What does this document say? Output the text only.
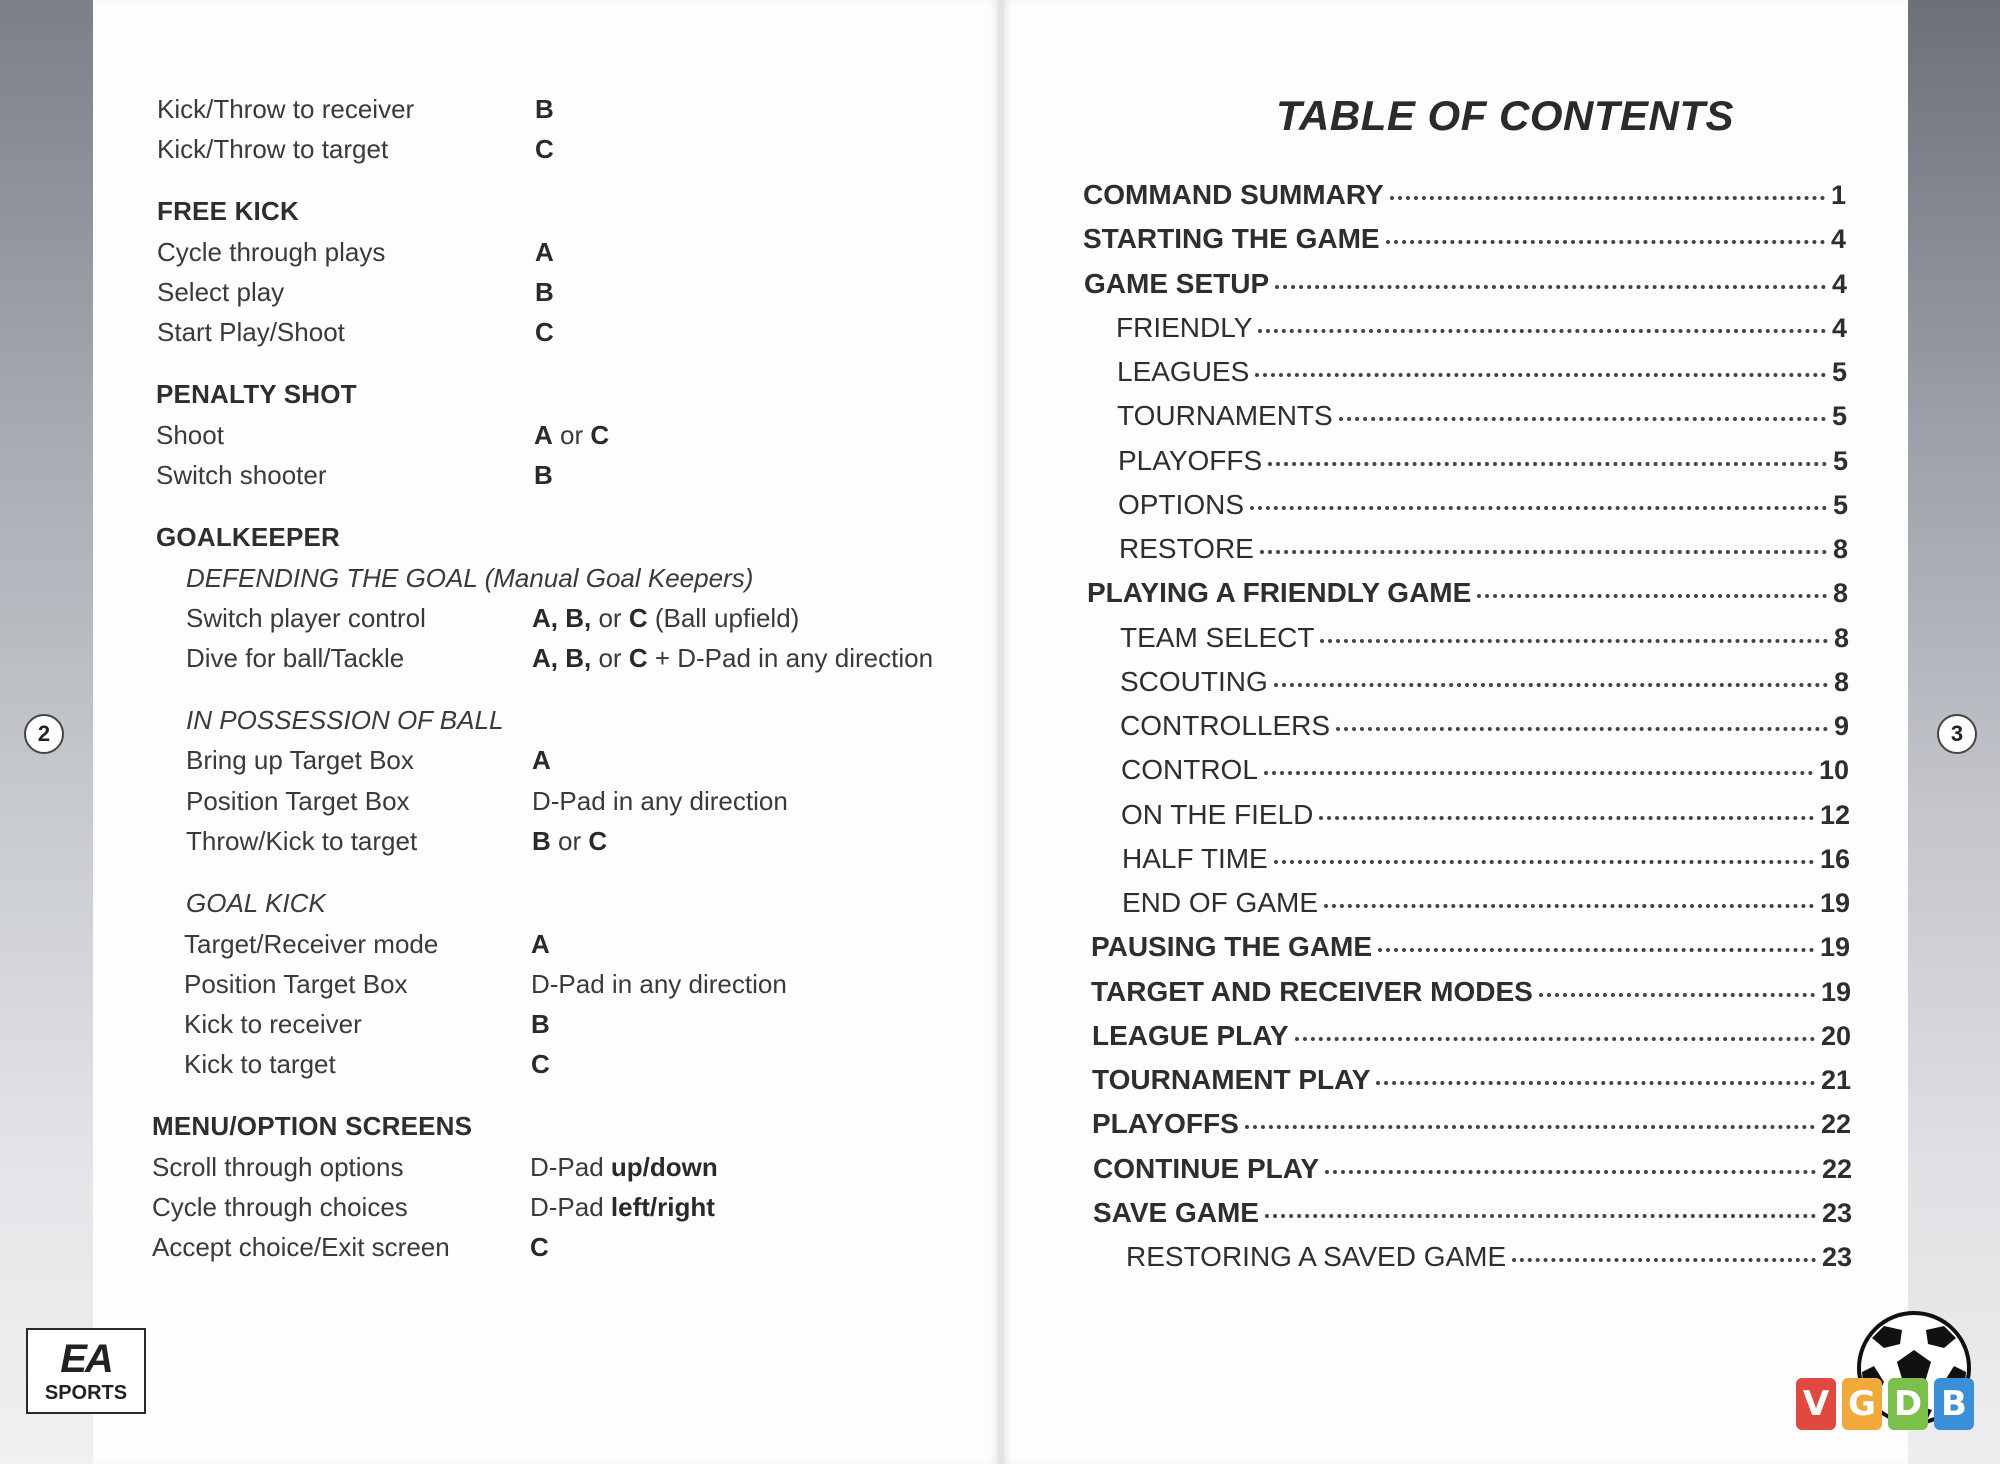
2	3
Kick/Throw to receiver	B
Kick/Throw to target	C
FREE KICK
Cycle through plays	A
Select play	B
Start Play/Shoot	C
PENALTY SHOT
Shoot	A or C
Switch shooter	B
GOALKEEPER
DEFENDING THE GOAL (Manual Goal Keepers)
Switch player control	A, B, or C (Ball upfield)
Dive for ball/Tackle	A, B, or C + D-Pad in any direction
IN POSSESSION OF BALL
Bring up Target Box	A
Position Target Box	D-Pad in any direction
Throw/Kick to target	B or C
GOAL KICK
Target/Receiver mode	A
Position Target Box	D-Pad in any direction
Kick to receiver	B
Kick to target	C
MENU/OPTION SCREENS
Scroll through options	D-Pad up/down
Cycle through choices	D-Pad left/right
Accept choice/Exit screen	C
EA
SPORTS
TABLE OF CONTENTS
COMMAND SUMMARY	1
STARTING THE GAME	4
GAME SETUP	4
FRIENDLY	4
LEAGUES	5
TOURNAMENTS	5
PLAYOFFS	5
OPTIONS	5
RESTORE	8
PLAYING A FRIENDLY GAME	8
TEAM SELECT	8
SCOUTING	8
CONTROLLERS	9
CONTROL	10
ON THE FIELD	12
HALF TIME	16
END OF GAME	19
PAUSING THE GAME	19
TARGET AND RECEIVER MODES	19
LEAGUE PLAY	20
TOURNAMENT PLAY	21
PLAYOFFS	22
CONTINUE PLAY	22
SAVE GAME	23
RESTORING A SAVED GAME	23
V G D B
